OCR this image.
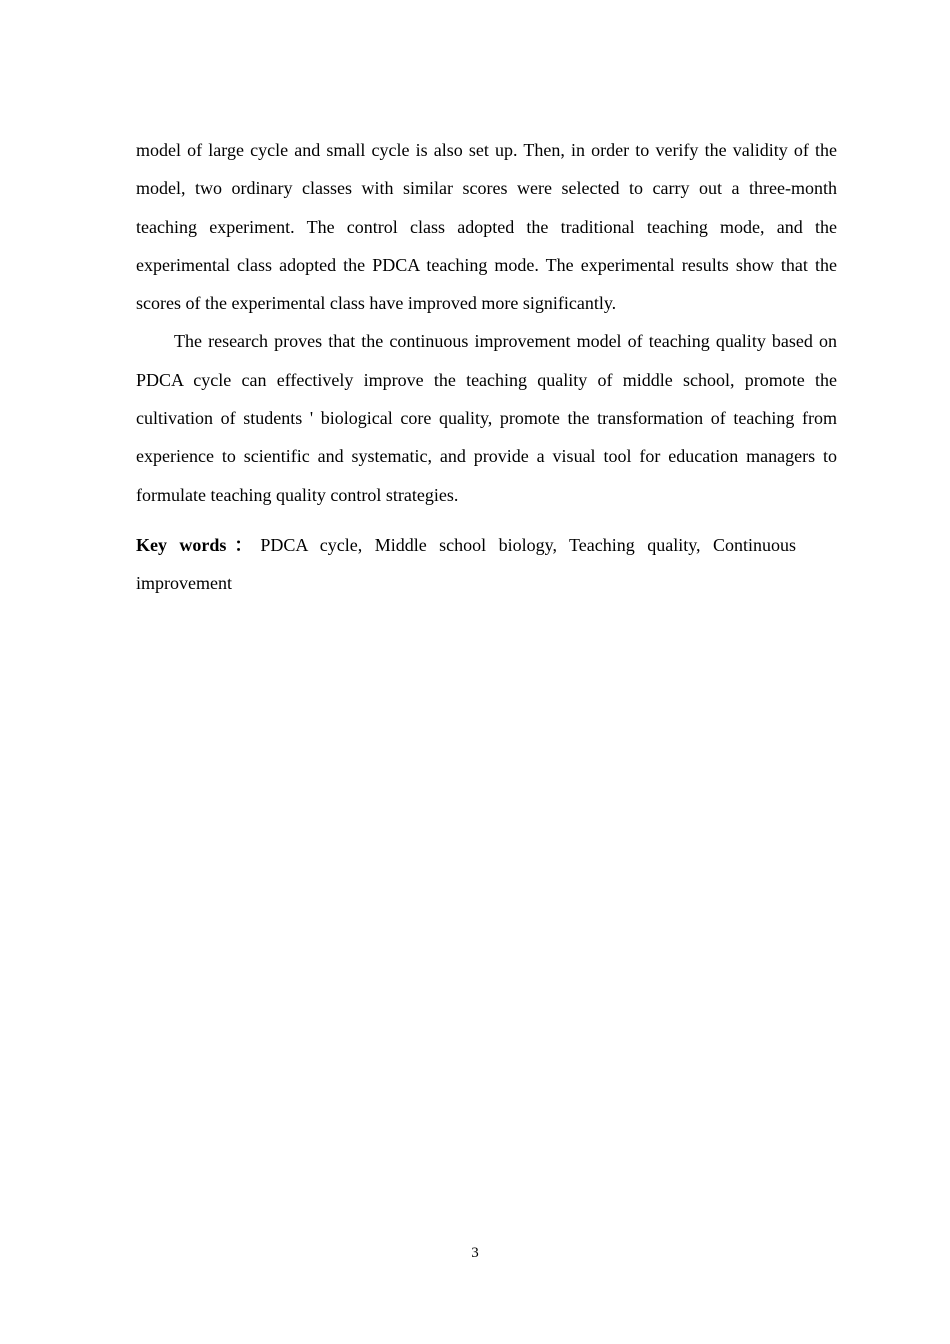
model of large cycle and small cycle is also set up. Then, in order to verify the validity of the model, two ordinary classes with similar scores were selected to carry out a three-month teaching experiment. The control class adopted the traditional teaching mode, and the experimental class adopted the PDCA teaching mode. The experimental results show that the scores of the experimental class have improved more significantly.

The research proves that the continuous improvement model of teaching quality based on PDCA cycle can effectively improve the teaching quality of middle school, promote the cultivation of students ' biological core quality, promote the transformation of teaching from experience to scientific and systematic, and provide a visual tool for education managers to formulate teaching quality control strategies.

Key words：PDCA cycle, Middle school biology, Teaching quality, Continuous improvement

3
